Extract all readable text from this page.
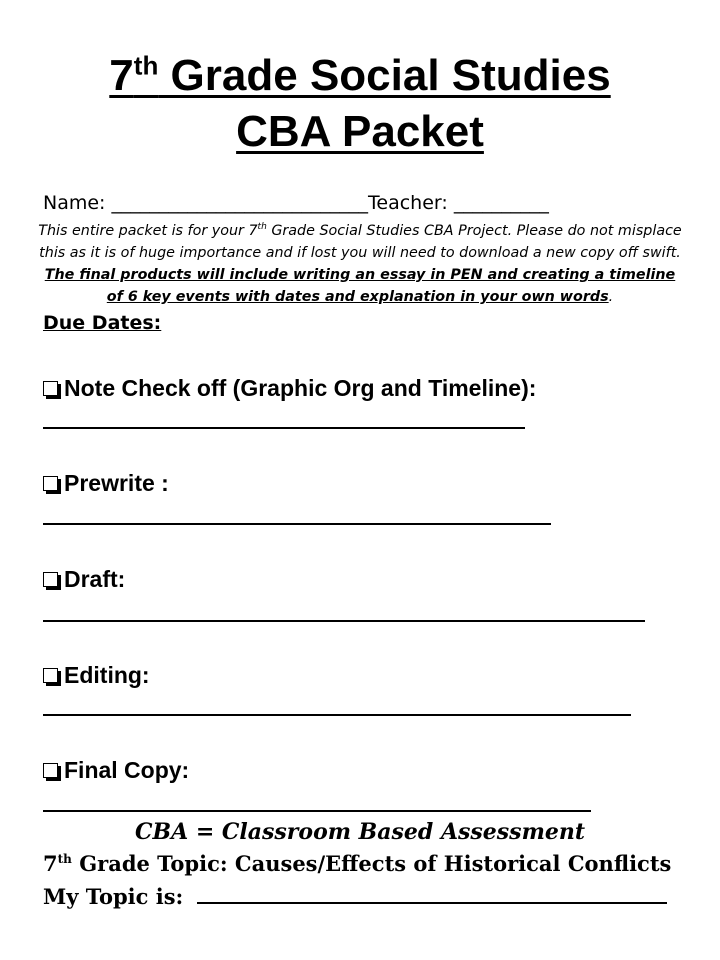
7th Grade Social Studies
CBA Packet
Name: ___________________________Teacher: __________
This entire packet is for your 7th Grade Social Studies CBA Project. Please do not misplace this as it is of huge importance and if lost you will need to download a new copy off swift. The final products will include writing an essay in PEN and creating a timeline of 6 key events with dates and explanation in your own words.
Due Dates:
Note Check off (Graphic Org and Timeline):
Prewrite :
Draft:
Editing:
Final Copy:
CBA = Classroom Based Assessment
7th Grade Topic: Causes/Effects of Historical Conflicts
My Topic is:
